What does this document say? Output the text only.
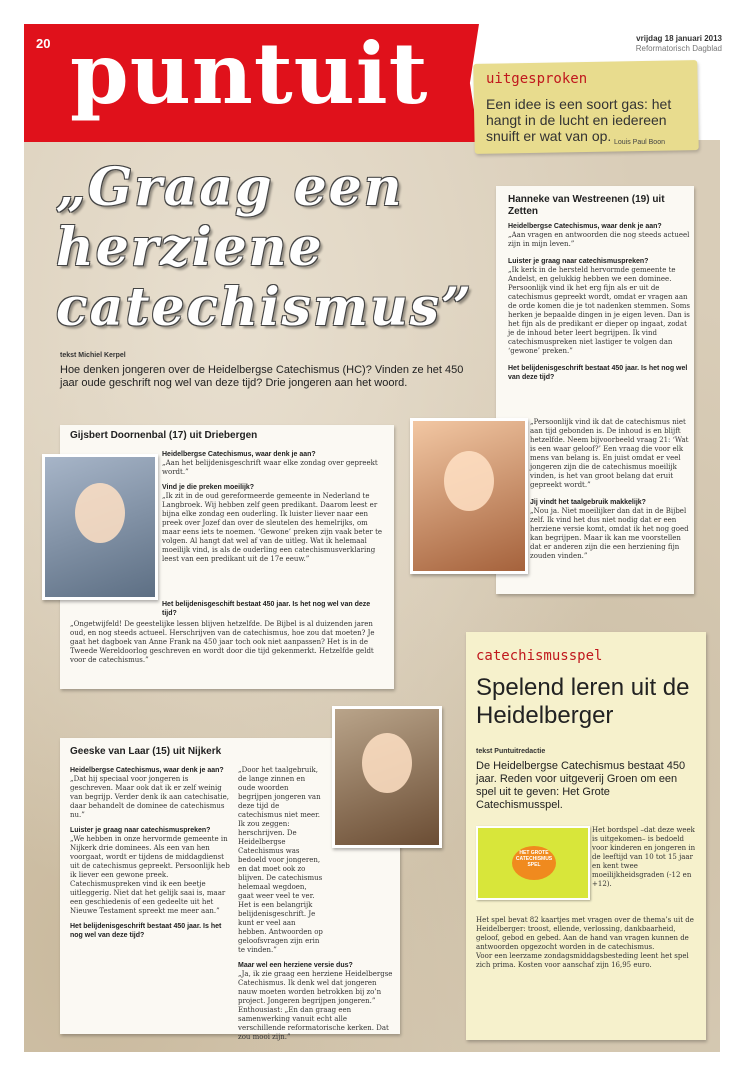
20 puntuit	vrijdag 18 januari 2013
Reformatorisch Dagblad
uitgesproken
Een idee is een soort gas: het hangt in de lucht en iedereen snuift er wat van op. Louis Paul Boon
„Graag een herziene catechismus”
tekst Michiel Kerpel
Hoe denken jongeren over de Heidelbergse Catechismus (HC)? Vinden ze het 450 jaar oude geschrift nog wel van deze tijd? Drie jongeren aan het woord.
Hanneke van Westreenen (19) uit Zetten
Heidelbergse Catechismus, waar denk je aan?
„Aan vragen en antwoorden die nog steeds actueel zijn in mijn leven.”
Luister je graag naar catechismuspreken?
„Ik kerk in de hersteld hervormde gemeente te Andelst, en gelukkig hebben we een dominee. Persoonlijk vind ik het erg fijn als er uit de catechismus gepreekt wordt, omdat er vragen aan de orde komen die je tot nadenken stemmen. Soms herken je bepaalde dingen in je eigen leven. Dan is het fijn als de predikant er dieper op ingaat, zodat je de inhoud beter leert begrijpen. Ik vind catechismuspreken niet lastiger te volgen dan ‘gewone’ preken.”
Het belijdenisgeschrift bestaat 450 jaar. Is het nog wel van deze tijd?
„Persoonlijk vind ik dat de catechismus niet aan tijd gebonden is. De inhoud is en blijft hetzelfde. Neem bijvoorbeeld vraag 21: ‘Wat is een waar geloof?’ Een vraag die voor elk mens van belang is. En juist omdat er veel jongeren zijn die de catechismus moeilijk vinden, is het van groot belang dat eruit gepreekt wordt.”
Jij vindt het taalgebruik makkelijk?
„Nou ja. Niet moeilijker dan dat in de Bijbel zelf. Ik vind het dus niet nodig dat er een herziene versie komt, omdat ik het nog goed kan begrijpen. Maar ik kan me voorstellen dat er anderen zijn die een herziening fijn zouden vinden.”
Gijsbert Doornenbal (17) uit Driebergen
Heidelbergse Catechismus, waar denk je aan?
„Aan het belijdenisgeschrift waar elke zondag over gepreekt wordt.”
Vind je die preken moeilijk?
„Ik zit in de oud gereformeerde gemeente in Nederland te Langbroek. Wij hebben zelf geen predikant. Daarom leest er bijna elke zondag een ouderling. Ik luister liever naar een preek over Jozef dan over de sleutelen des hemelrijks, om maar eens iets te noemen. ‘Gewone’ preken zijn vaak beter te volgen. Al hangt dat wel af van de uitleg. Wat ik helemaal moeilijk vind, is als de ouderling een catechismusverklaring leest van een predikant uit de 17e eeuw.”
Het belijdenisgeschift bestaat 450 jaar. Is het nog wel van deze tijd?
„Ongetwijfeld! De geestelijke lessen blijven hetzelfde. De Bijbel is al duizenden jaren oud, en nog steeds actueel. Herschrijven van de catechismus, hoe zou dat moeten? Je gaat het dagboek van Anne Frank na 450 jaar toch ook niet aanpassen? Het is in de Tweede Wereldoorlog geschreven en wordt door die tijd gekenmerkt. Hetzelfde geldt voor de catechismus.”
Geeske van Laar (15) uit Nijkerk
Heidelbergse Catechismus, waar denk je aan?
„Dat hij speciaal voor jongeren is geschreven. Maar ook dat ik er zelf weinig van begrijp. Verder denk ik aan catechisatie, daar behandelt de dominee de catechismus nu.”
Luister je graag naar catechismuspreken?
„We hebben in onze hervormde gemeente in Nijkerk drie dominees. Als een van hen voorgaat, wordt er tijdens de middagdienst uit de catechismus gepreekt. Persoonlijk heb ik liever een gewone preek. Catechismuspreken vind ik een beetje uitleggerig. Niet dat het gelijk saai is, maar een geschiedenis of een gedeelte uit het Nieuwe Testament spreekt me meer aan.”
Het belijdenisgeschrift bestaat 450 jaar. Is het nog wel van deze tijd?
„Door het taalgebruik, de lange zinnen en oude woorden begrijpen jongeren van deze tijd de catechismus niet meer. Ik zou zeggen: herschrijven. De Heidelbergse Catechismus was bedoeld voor jongeren, en dat moet ook zo blijven. De catechismus helemaal wegdoen, gaat weer veel te ver. Het is een belangrijk belijdenisgeschrift. Je kunt er veel aan hebben. Antwoorden op geloofsvragen zijn erin te vinden.”
Maar wel een herziene versie dus?
„Ja, ik zie graag een herziene Heidelbergse Catechismus. Ik denk wel dat jongeren nauw moeten worden betrokken bij zo’n project. Jongeren begrijpen jongeren.” Enthousiast: „En dan graag een samenwerking vanuit echt alle verschillende reformatorische kerken. Dat zou mooi zijn.”
catechismusspel
Spelend leren uit de Heidelberger
tekst Puntuitredactie
De Heidelbergse Catechismus bestaat 450 jaar. Reden voor uitgeverij Groen om een spel uit te geven: Het Grote Catechismusspel.
HET GROTE CATECHISMUS SPEL
Het bordspel –dat deze week is uitgekomen– is bedoeld voor kinderen en jongeren in de leeftijd van 10 tot 15 jaar en kent twee moeilijkheidsgraden (-12 en +12).
Het spel bevat 82 kaartjes met vragen over de thema’s uit de Heidelberger: troost, ellende, verlossing, dankbaarheid, geloof, gebod en gebed. Aan de hand van vragen kunnen de antwoorden opgezocht worden in de catechismus.
Voor een leerzame zondagsmiddagsbesteding leent het spel zich prima. Kosten voor aanschaf zijn 16,95 euro.
